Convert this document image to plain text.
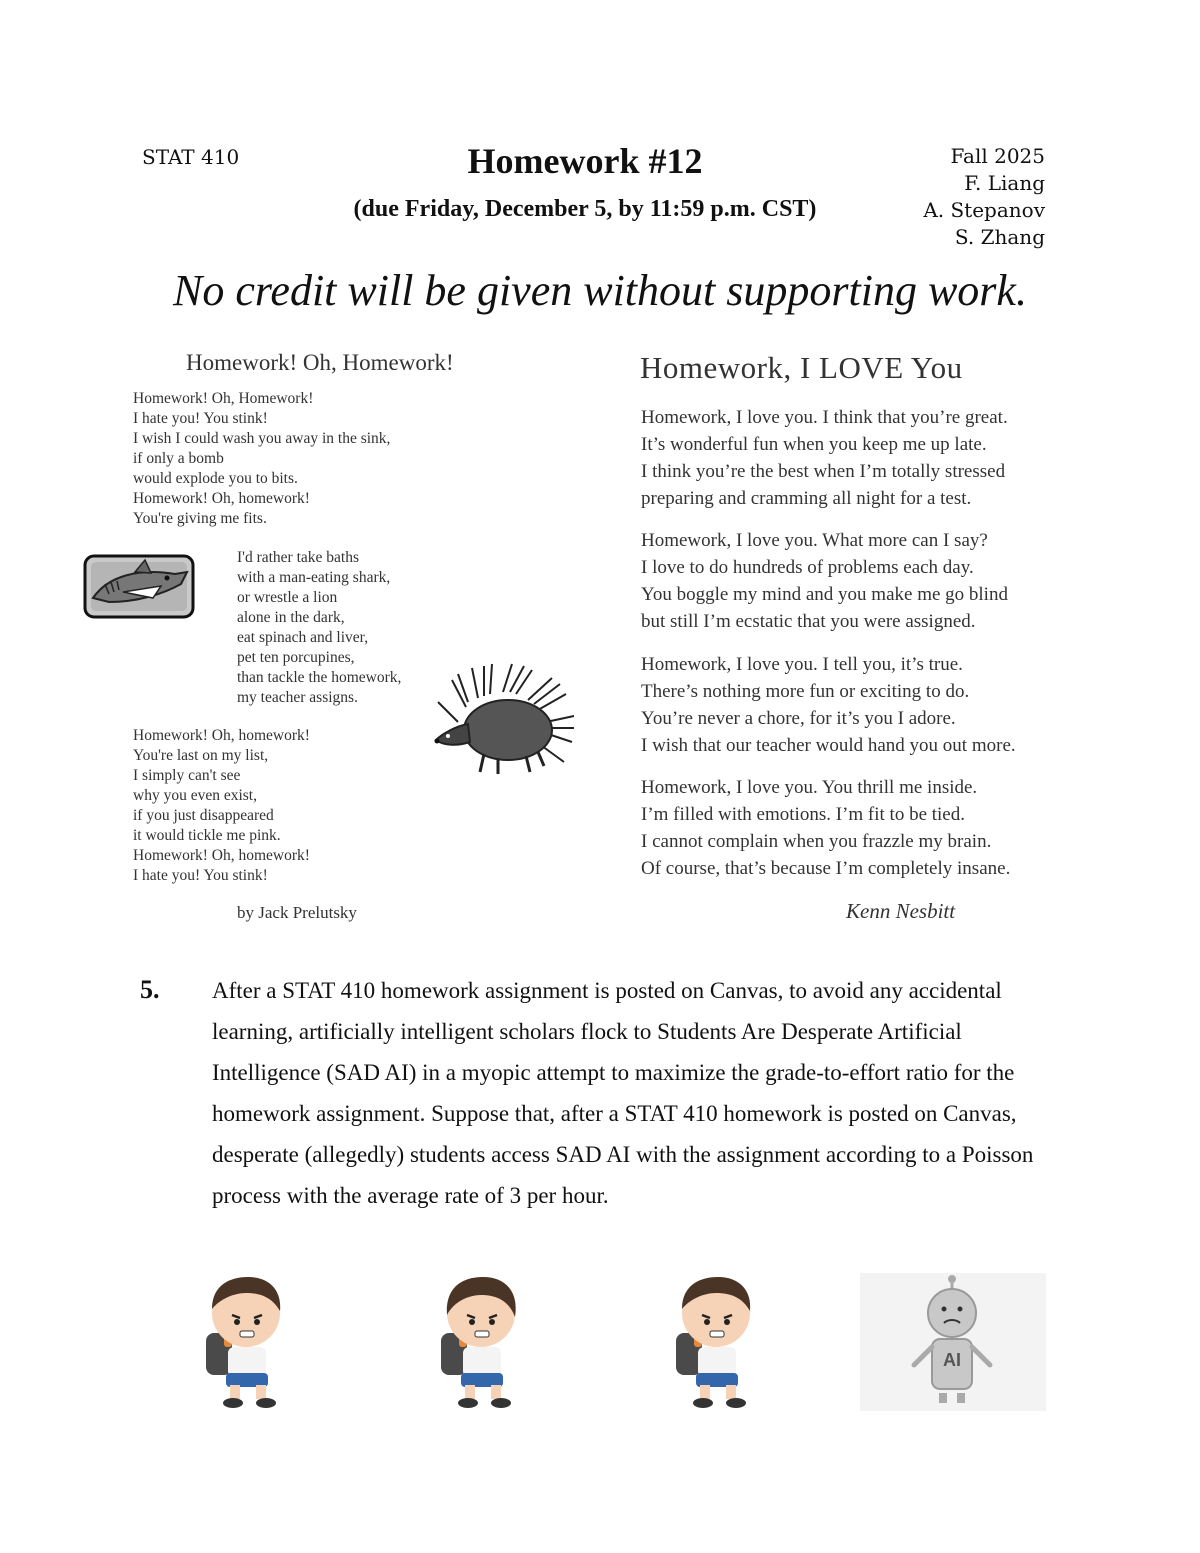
STAT 410	Homework #12
(due Friday, December 5, by 11:59 p.m. CST)
Fall 2025
F. Liang
A. Stepanov
S. Zhang
No credit will be given without supporting work.
Homework! Oh, Homework!
Homework! Oh, Homework!
I hate you! You stink!
I wish I could wash you away in the sink,
if only a bomb
would explode you to bits.
Homework! Oh, homework!
You're giving me fits.
I'd rather take baths
with a man-eating shark,
or wrestle a lion
alone in the dark,
eat spinach and liver,
pet ten porcupines,
than tackle the homework,
my teacher assigns.
Homework! Oh, homework!
You're last on my list,
I simply can't see
why you even exist,
if you just disappeared
it would tickle me pink.
Homework! Oh, homework!
I hate you! You stink!
by Jack Prelutsky
Homework, I LOVE You
Homework, I love you. I think that you’re great.
It’s wonderful fun when you keep me up late.
I think you’re the best when I’m totally stressed
preparing and cramming all night for a test.
Homework, I love you. What more can I say?
I love to do hundreds of problems each day.
You boggle my mind and you make me go blind
but still I’m ecstatic that you were assigned.
Homework, I love you. I tell you, it’s true.
There’s nothing more fun or exciting to do.
You’re never a chore, for it’s you I adore.
I wish that our teacher would hand you out more.
Homework, I love you. You thrill me inside.
I’m filled with emotions. I’m fit to be tied.
I cannot complain when you frazzle my brain.
Of course, that’s because I’m completely insane.
Kenn Nesbitt
5. After a STAT 410 homework assignment is posted on Canvas, to avoid any accidental learning, artificially intelligent scholars flock to Students Are Desperate Artificial Intelligence (SAD AI) in a myopic attempt to maximize the grade-to-effort ratio for the homework assignment. Suppose that, after a STAT 410 homework is posted on Canvas, desperate (allegedly) students access SAD AI with the assignment according to a Poisson process with the average rate of 3 per hour.
AI
